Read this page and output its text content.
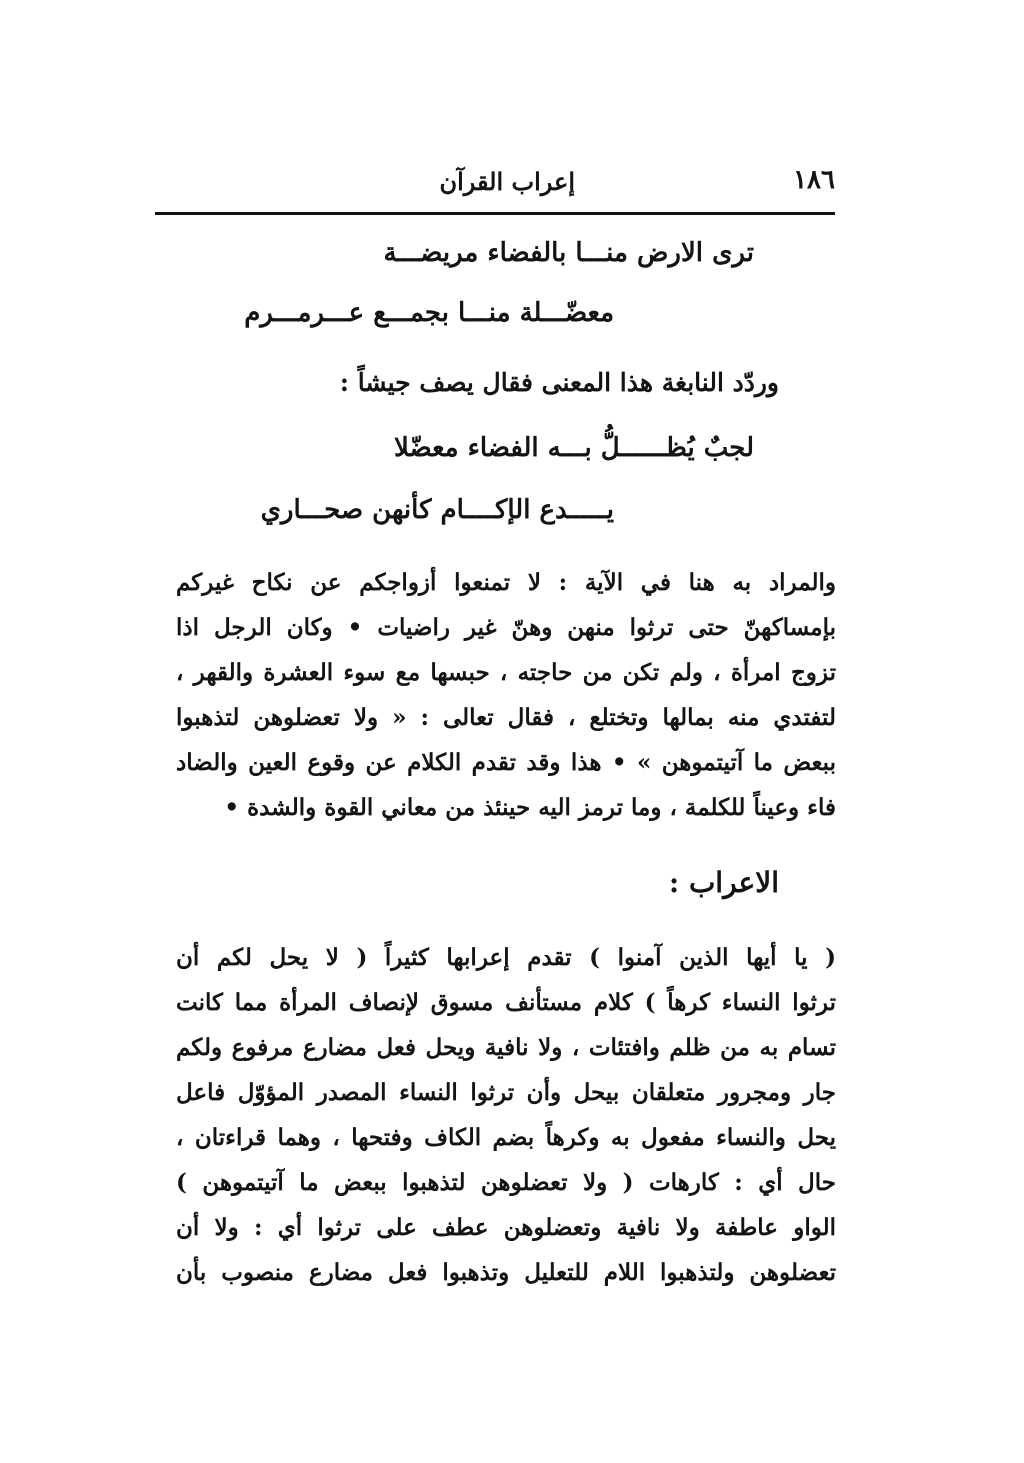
١٨٦
إعراب القرآن
ترى الارض منـــا بالفضاء مريضـــة
معضّـــلة منـــا بجمـــع عـــرمـــرم
وردّد النابغة هذا المعنى فقال يصف جيشاً :
لجبٌ يُظــــــلُّ بـــه الفضاء معضّلا
يـــــدع الإكــــام كأنهن صحـــاري
والمراد به هنا في الآية : لا تمنعوا أزواجكم عن نكاح غيركم
بإمساكهنّ حتى ترثوا منهن وهنّ غير راضيات • وكان الرجل اذا
تزوج امرأة ، ولم تكن من حاجته ، حبسها مع سوء العشرة والقهر ،
لتفتدي منه بمالها وتختلع ، فقال تعالى : « ولا تعضلوهن لتذهبوا
ببعض ما آتيتموهن » • هذا وقد تقدم الكلام عن وقوع العين والضاد
فاء وعيناً للكلمة ، وما ترمز اليه حينئذ من معاني القوة والشدة •
الاعراب :
( يا أيها الذين آمنوا ) تقدم إعرابها كثيراً ( لا يحل لكم أن
ترثوا النساء كرهاً ) كلام مستأنف مسوق لإنصاف المرأة مما كانت
تسام به من ظلم وافتئات ، ولا نافية ويحل فعل مضارع مرفوع ولكم
جار ومجرور متعلقان بيحل وأن ترثوا النساء المصدر المؤوّل فاعل
يحل والنساء مفعول به وكرهاً بضم الكاف وفتحها ، وهما قراءتان ،
حال أي : كارهات ( ولا تعضلوهن لتذهبوا ببعض ما آتيتموهن )
الواو عاطفة ولا نافية وتعضلوهن عطف على ترثوا أي : ولا أن
تعضلوهن ولتذهبوا اللام للتعليل وتذهبوا فعل مضارع منصوب بأن
